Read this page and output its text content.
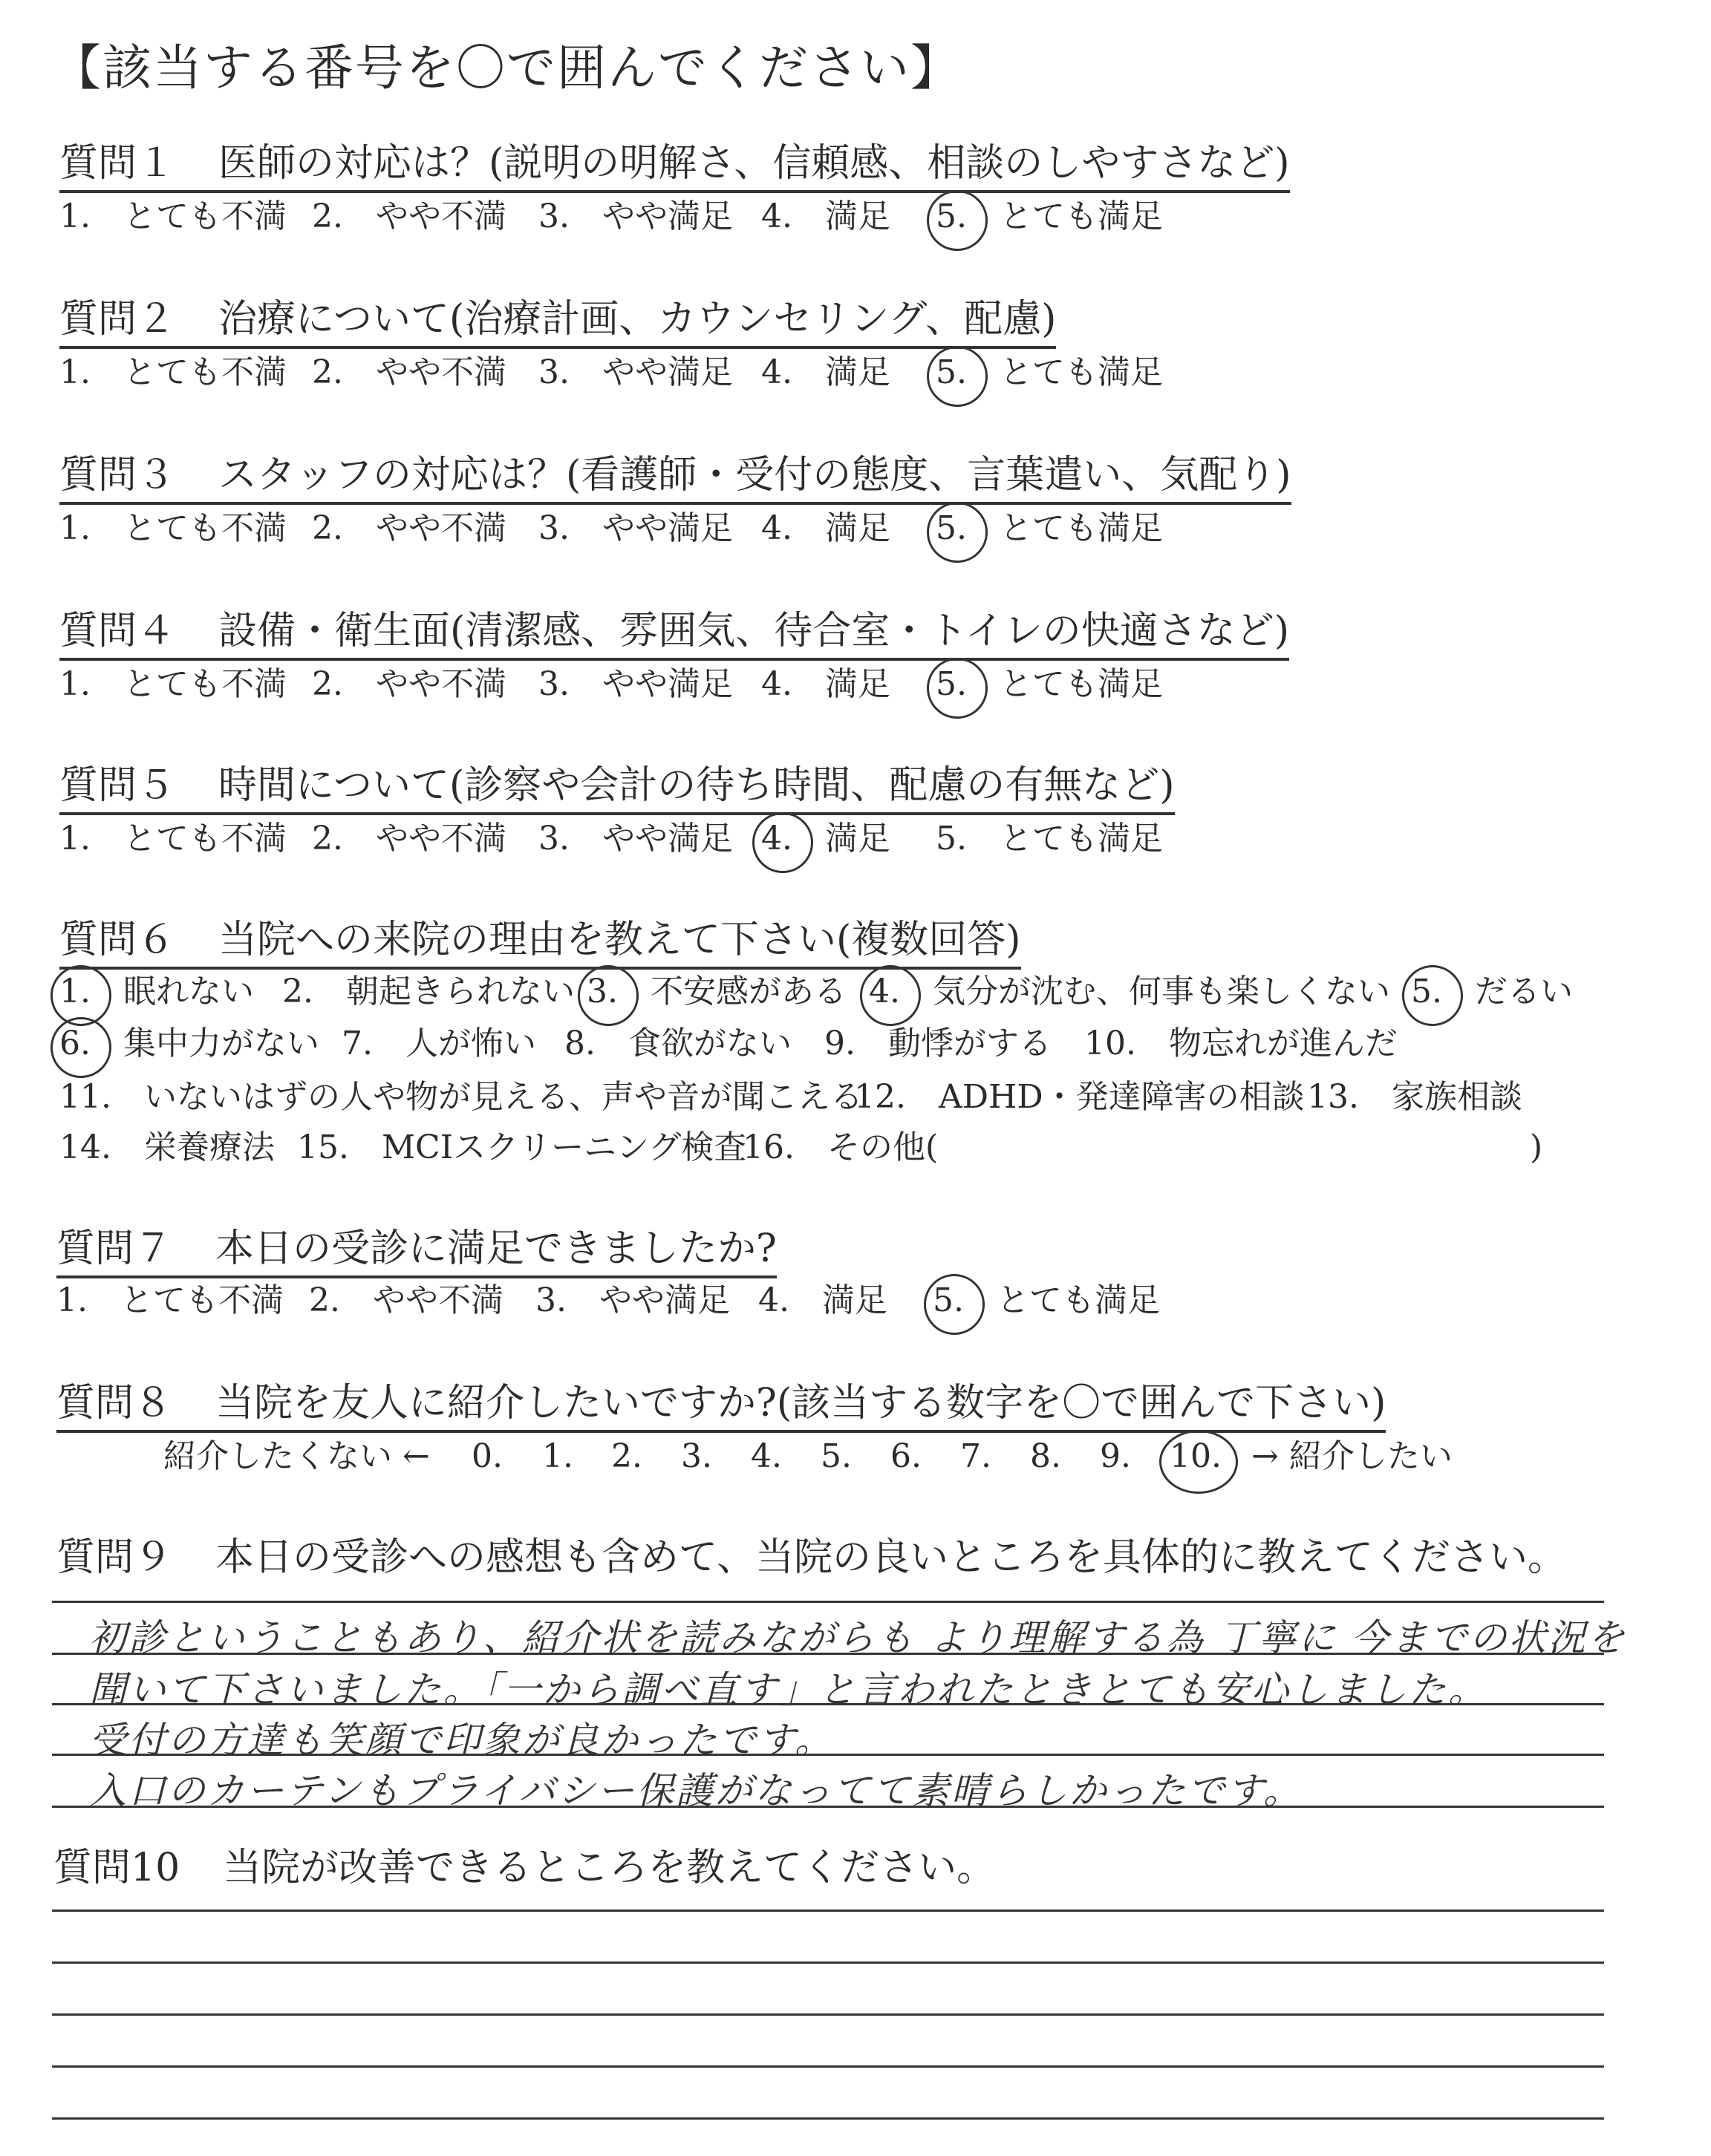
【該当する番号を〇で囲んでください】
質問１ 医師の対応は？(説明の明解さ、信頼感、相談のしやすさなど)
1.　とても不満 2.　やや不満 3.　やや満足 4.　満足 5.　とても満足
質問２ 治療について(治療計画、カウンセリング、配慮)
1.　とても不満 2.　やや不満 3.　やや満足 4.　満足 5.　とても満足
質問３ スタッフの対応は？(看護師・受付の態度、言葉遣い、気配り)
1.　とても不満 2.　やや不満 3.　やや満足 4.　満足 5.　とても満足
質問４ 設備・衛生面(清潔感、雰囲気、待合室・トイレの快適さなど)
1.　とても不満 2.　やや不満 3.　やや満足 4.　満足 5.　とても満足
質問５ 時間について(診察や会計の待ち時間、配慮の有無など)
1.　とても不満 2.　やや不満 3.　やや満足 4.　満足 5.　とても満足
質問６ 当院への来院の理由を教えて下さい(複数回答)
1.　眠れない 2.　朝起きられない 3.　不安感がある 4.　気分が沈む、何事も楽しくない 5.　だるい
6.　集中力がない 7.　人が怖い 8.　食欲がない 9.　動悸がする 10.　物忘れが進んだ
11.　いないはずの人や物が見える、声や音が聞こえる
12.　ADHD・発達障害の相談 13.　家族相談
14.　栄養療法 15.　MCIスクリーニング検査
16.　その他(	)
質問７ 本日の受診に満足できましたか?
1.　とても不満 2.　やや不満 3.　やや満足 4.　満足 5.　とても満足
質問８ 当院を友人に紹介したいですか?(該当する数字を〇で囲んで下さい)
紹介したくない ← 0. 1. 2. 3. 4. 5. 6. 7. 8. 9. 10. → 紹介したい
質問９ 本日の受診への感想も含めて、当院の良いところを具体的に教えてください。
初診ということもあり、紹介状を読みながらも より理解する為 丁寧に 今までの状況を
聞いて下さいました。「一から調べ直す」と言われたときとても安心しました。
受付の方達も笑顔で印象が良かったです。
入口のカーテンもプライバシー保護がなってて素晴らしかったです。
質問10 当院が改善できるところを教えてください。
